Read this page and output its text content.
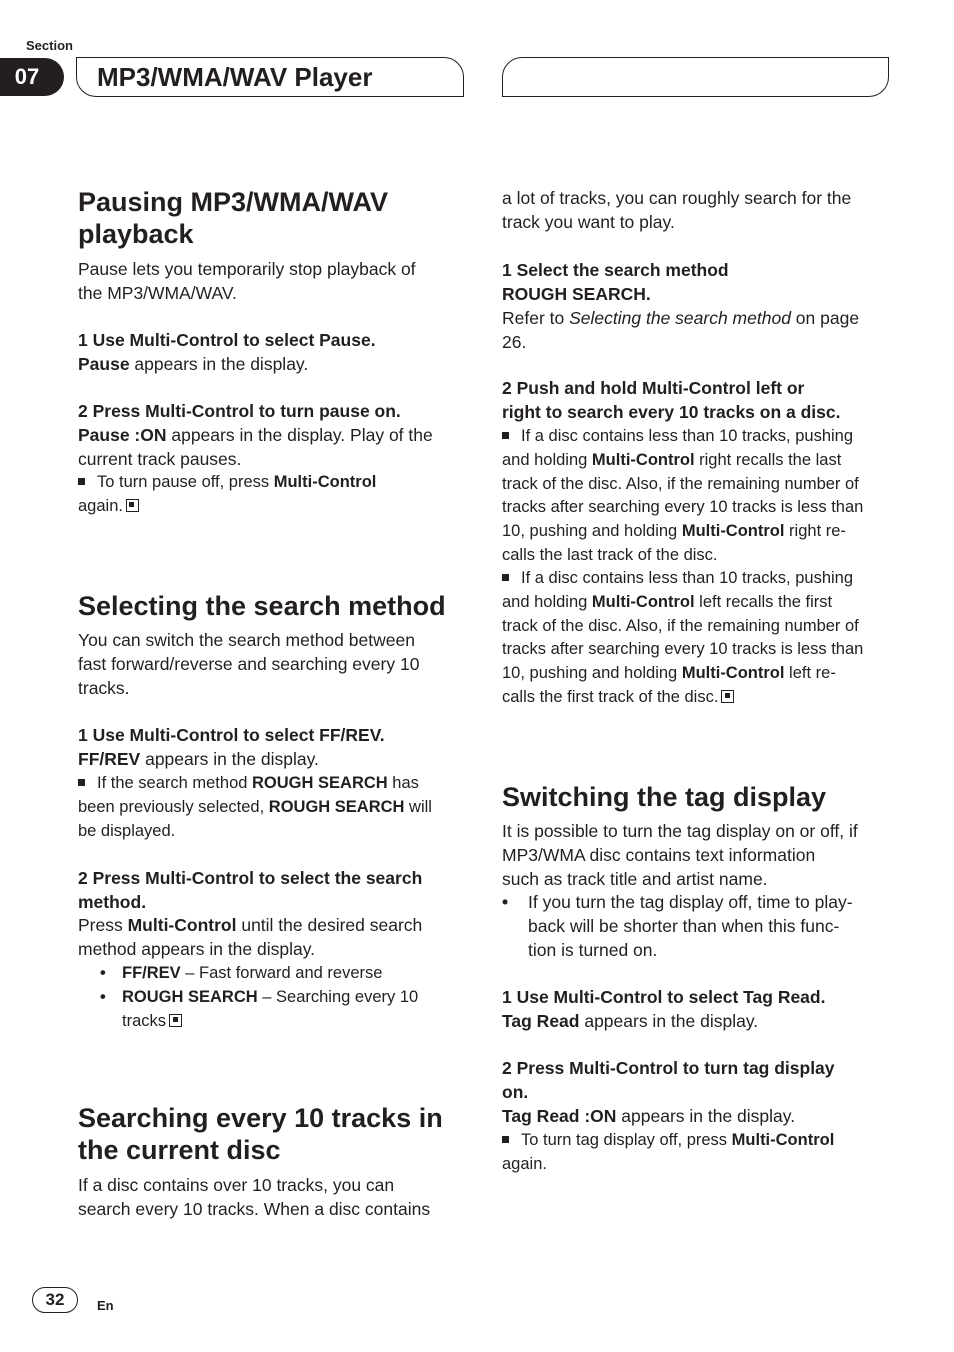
Section
07	MP3/WMA/WAV Player
Pausing MP3/WMA/WAV
playback
Pause lets you temporarily stop playback of
the MP3/WMA/WAV.
1 Use Multi-Control to select Pause.
Pause appears in the display.
2 Press Multi-Control to turn pause on.
Pause :ON appears in the display. Play of the
current track pauses.
To turn pause off, press Multi-Control
again.
Selecting the search method
You can switch the search method between
fast forward/reverse and searching every 10
tracks.
1 Use Multi-Control to select FF/REV.
FF/REV appears in the display.
If the search method ROUGH SEARCH has
been previously selected, ROUGH SEARCH will
be displayed.
2 Press Multi-Control to select the search
method.
Press Multi-Control until the desired search
method appears in the display.
• FF/REV – Fast forward and reverse
• ROUGH SEARCH – Searching every 10
tracks
Searching every 10 tracks in
the current disc
If a disc contains over 10 tracks, you can
search every 10 tracks. When a disc contains
a lot of tracks, you can roughly search for the
track you want to play.
1 Select the search method
ROUGH SEARCH.
Refer to Selecting the search method on page
26.
2 Push and hold Multi-Control left or
right to search every 10 tracks on a disc.
If a disc contains less than 10 tracks, pushing
and holding Multi-Control right recalls the last
track of the disc. Also, if the remaining number of
tracks after searching every 10 tracks is less than
10, pushing and holding Multi-Control right re-
calls the last track of the disc.
If a disc contains less than 10 tracks, pushing
and holding Multi-Control left recalls the first
track of the disc. Also, if the remaining number of
tracks after searching every 10 tracks is less than
10, pushing and holding Multi-Control left re-
calls the first track of the disc.
Switching the tag display
It is possible to turn the tag display on or off, if
MP3/WMA disc contains text information
such as track title and artist name.
• If you turn the tag display off, time to play-
back will be shorter than when this func-
tion is turned on.
1 Use Multi-Control to select Tag Read.
Tag Read appears in the display.
2 Press Multi-Control to turn tag display
on.
Tag Read :ON appears in the display.
To turn tag display off, press Multi-Control
again.
32	En
